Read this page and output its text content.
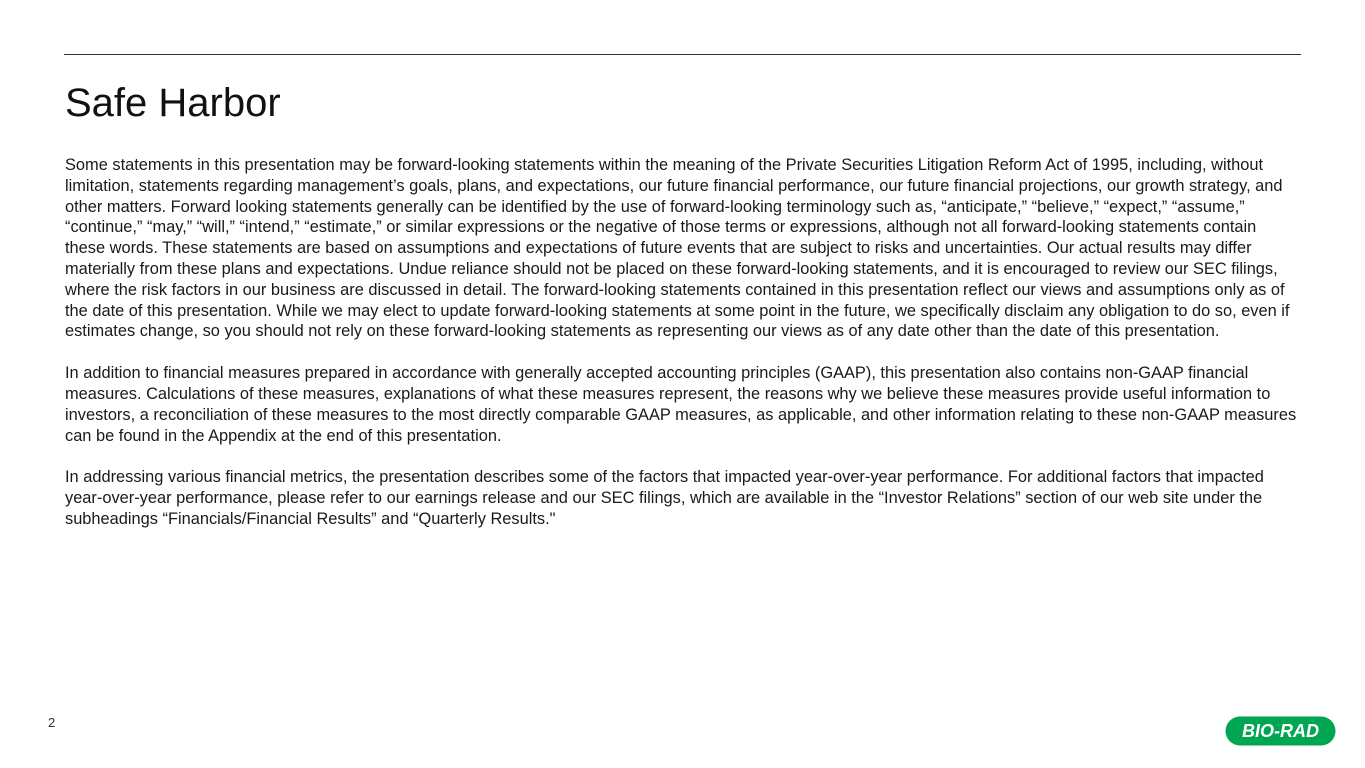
Safe Harbor

Some statements in this presentation may be forward-looking statements within the meaning of the Private Securities Litigation Reform Act of 1995, including, without limitation, statements regarding management’s goals, plans, and expectations, our future financial performance, our future financial projections, our growth strategy, and other matters. Forward looking statements generally can be identified by the use of forward-looking terminology such as, “anticipate,” “believe,” “expect,” “assume,” “continue,” “may,” “will,” “intend,” “estimate,” or similar expressions or the negative of those terms or expressions, although not all forward-looking statements contain these words. These statements are based on assumptions and expectations of future events that are subject to risks and uncertainties. Our actual results may differ materially from these plans and expectations. Undue reliance should not be placed on these forward-looking statements, and it is encouraged to review our SEC filings, where the risk factors in our business are discussed in detail. The forward-looking statements contained in this presentation reflect our views and assumptions only as of the date of this presentation. While we may elect to update forward-looking statements at some point in the future, we specifically disclaim any obligation to do so, even if estimates change, so you should not rely on these forward-looking statements as representing our views as of any date other than the date of this presentation.

In addition to financial measures prepared in accordance with generally accepted accounting principles (GAAP), this presentation also contains non-GAAP financial measures. Calculations of these measures, explanations of what these measures represent, the reasons why we believe these measures provide useful information to investors, a reconciliation of these measures to the most directly comparable GAAP measures, as applicable, and other information relating to these non-GAAP measures can be found in the Appendix at the end of this presentation.

In addressing various financial metrics, the presentation describes some of the factors that impacted year-over-year performance. For additional factors that impacted year-over-year performance, please refer to our earnings release and our SEC filings, which are available in the “Investor Relations” section of our web site under the subheadings “Financials/Financial Results” and “Quarterly Results."

2	BIO-RAD
